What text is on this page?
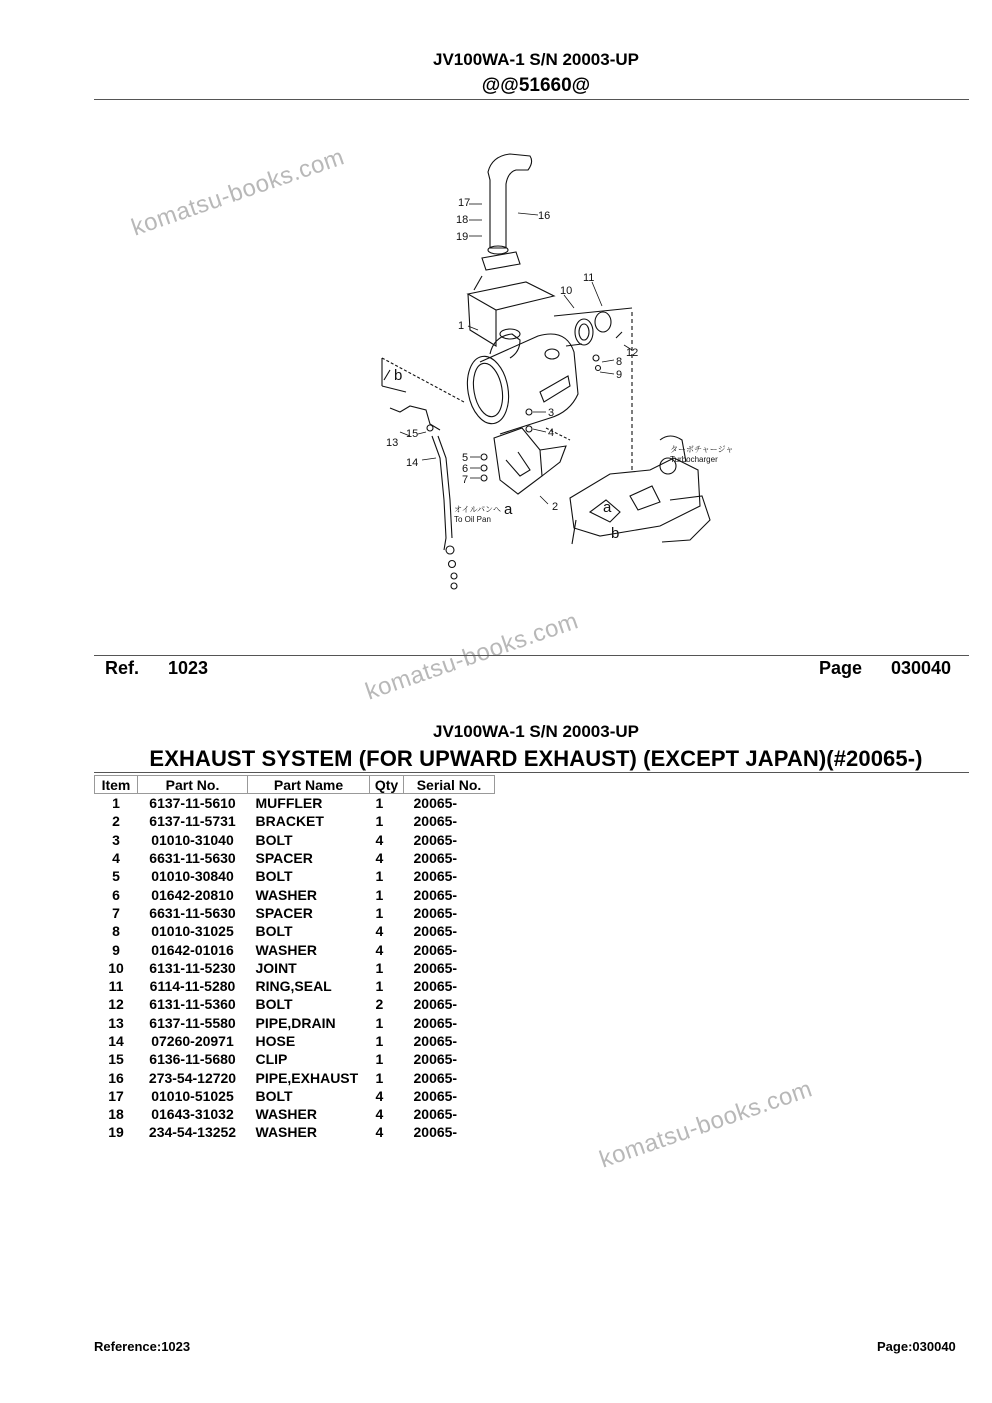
JV100WA-1 S/N 20003-UP
@@51660@
komatsu-books.com
komatsu-books.com
komatsu-books.com
17
18
19
16
1
10
11
12
8
9
3
4
5
6
7
2
13
15
14
b
a	a
b
オイルパンへ
To Oil Pan
ターボチャージャ
Turbocharger
Ref. 1023	Page 030040
JV100WA-1 S/N 20003-UP
EXHAUST SYSTEM (FOR UPWARD EXHAUST) (EXCEPT JAPAN)(#20065-)
Item	Part No.	Part Name	Qty	Serial No.
1	6137-11-5610	MUFFLER	1	20065-
2	6137-11-5731	BRACKET	1	20065-
3	01010-31040	BOLT	4	20065-
4	6631-11-5630	SPACER	4	20065-
5	01010-30840	BOLT	1	20065-
6	01642-20810	WASHER	1	20065-
7	6631-11-5630	SPACER	1	20065-
8	01010-31025	BOLT	4	20065-
9	01642-01016	WASHER	4	20065-
10	6131-11-5230	JOINT	1	20065-
11	6114-11-5280	RING,SEAL	1	20065-
12	6131-11-5360	BOLT	2	20065-
13	6137-11-5580	PIPE,DRAIN	1	20065-
14	07260-20971	HOSE	1	20065-
15	6136-11-5680	CLIP	1	20065-
16	273-54-12720	PIPE,EXHAUST	1	20065-
17	01010-51025	BOLT	4	20065-
18	01643-31032	WASHER	4	20065-
19	234-54-13252	WASHER	4	20065-
Reference:1023	Page:030040
